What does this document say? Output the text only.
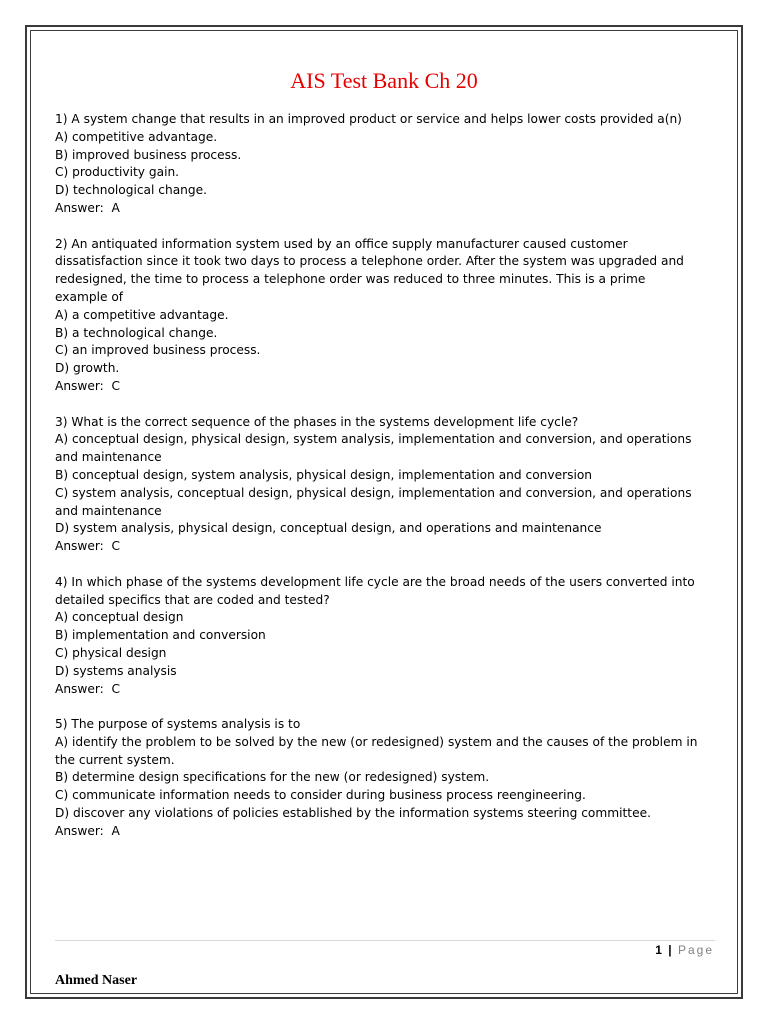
AIS Test Bank Ch 20
1) A system change that results in an improved product or service and helps lower costs provided a(n)
A) competitive advantage.
B) improved business process.
C) productivity gain.
D) technological change.
Answer:  A
2) An antiquated information system used by an office supply manufacturer caused customer
dissatisfaction since it took two days to process a telephone order. After the system was upgraded and
redesigned, the time to process a telephone order was reduced to three minutes. This is a prime
example of
A) a competitive advantage.
B) a technological change.
C) an improved business process.
D) growth.
Answer:  C
3) What is the correct sequence of the phases in the systems development life cycle?
A) conceptual design, physical design, system analysis, implementation and conversion, and operations
and maintenance
B) conceptual design, system analysis, physical design, implementation and conversion
C) system analysis, conceptual design, physical design, implementation and conversion, and operations
and maintenance
D) system analysis, physical design, conceptual design, and operations and maintenance
Answer:  C
4) In which phase of the systems development life cycle are the broad needs of the users converted into
detailed specifics that are coded and tested?
A) conceptual design
B) implementation and conversion
C) physical design
D) systems analysis
Answer:  C
5) The purpose of systems analysis is to
A) identify the problem to be solved by the new (or redesigned) system and the causes of the problem in
the current system.
B) determine design specifications for the new (or redesigned) system.
C) communicate information needs to consider during business process reengineering.
D) discover any violations of policies established by the information systems steering committee.
Answer:  A
1 | Page
Ahmed Naser
